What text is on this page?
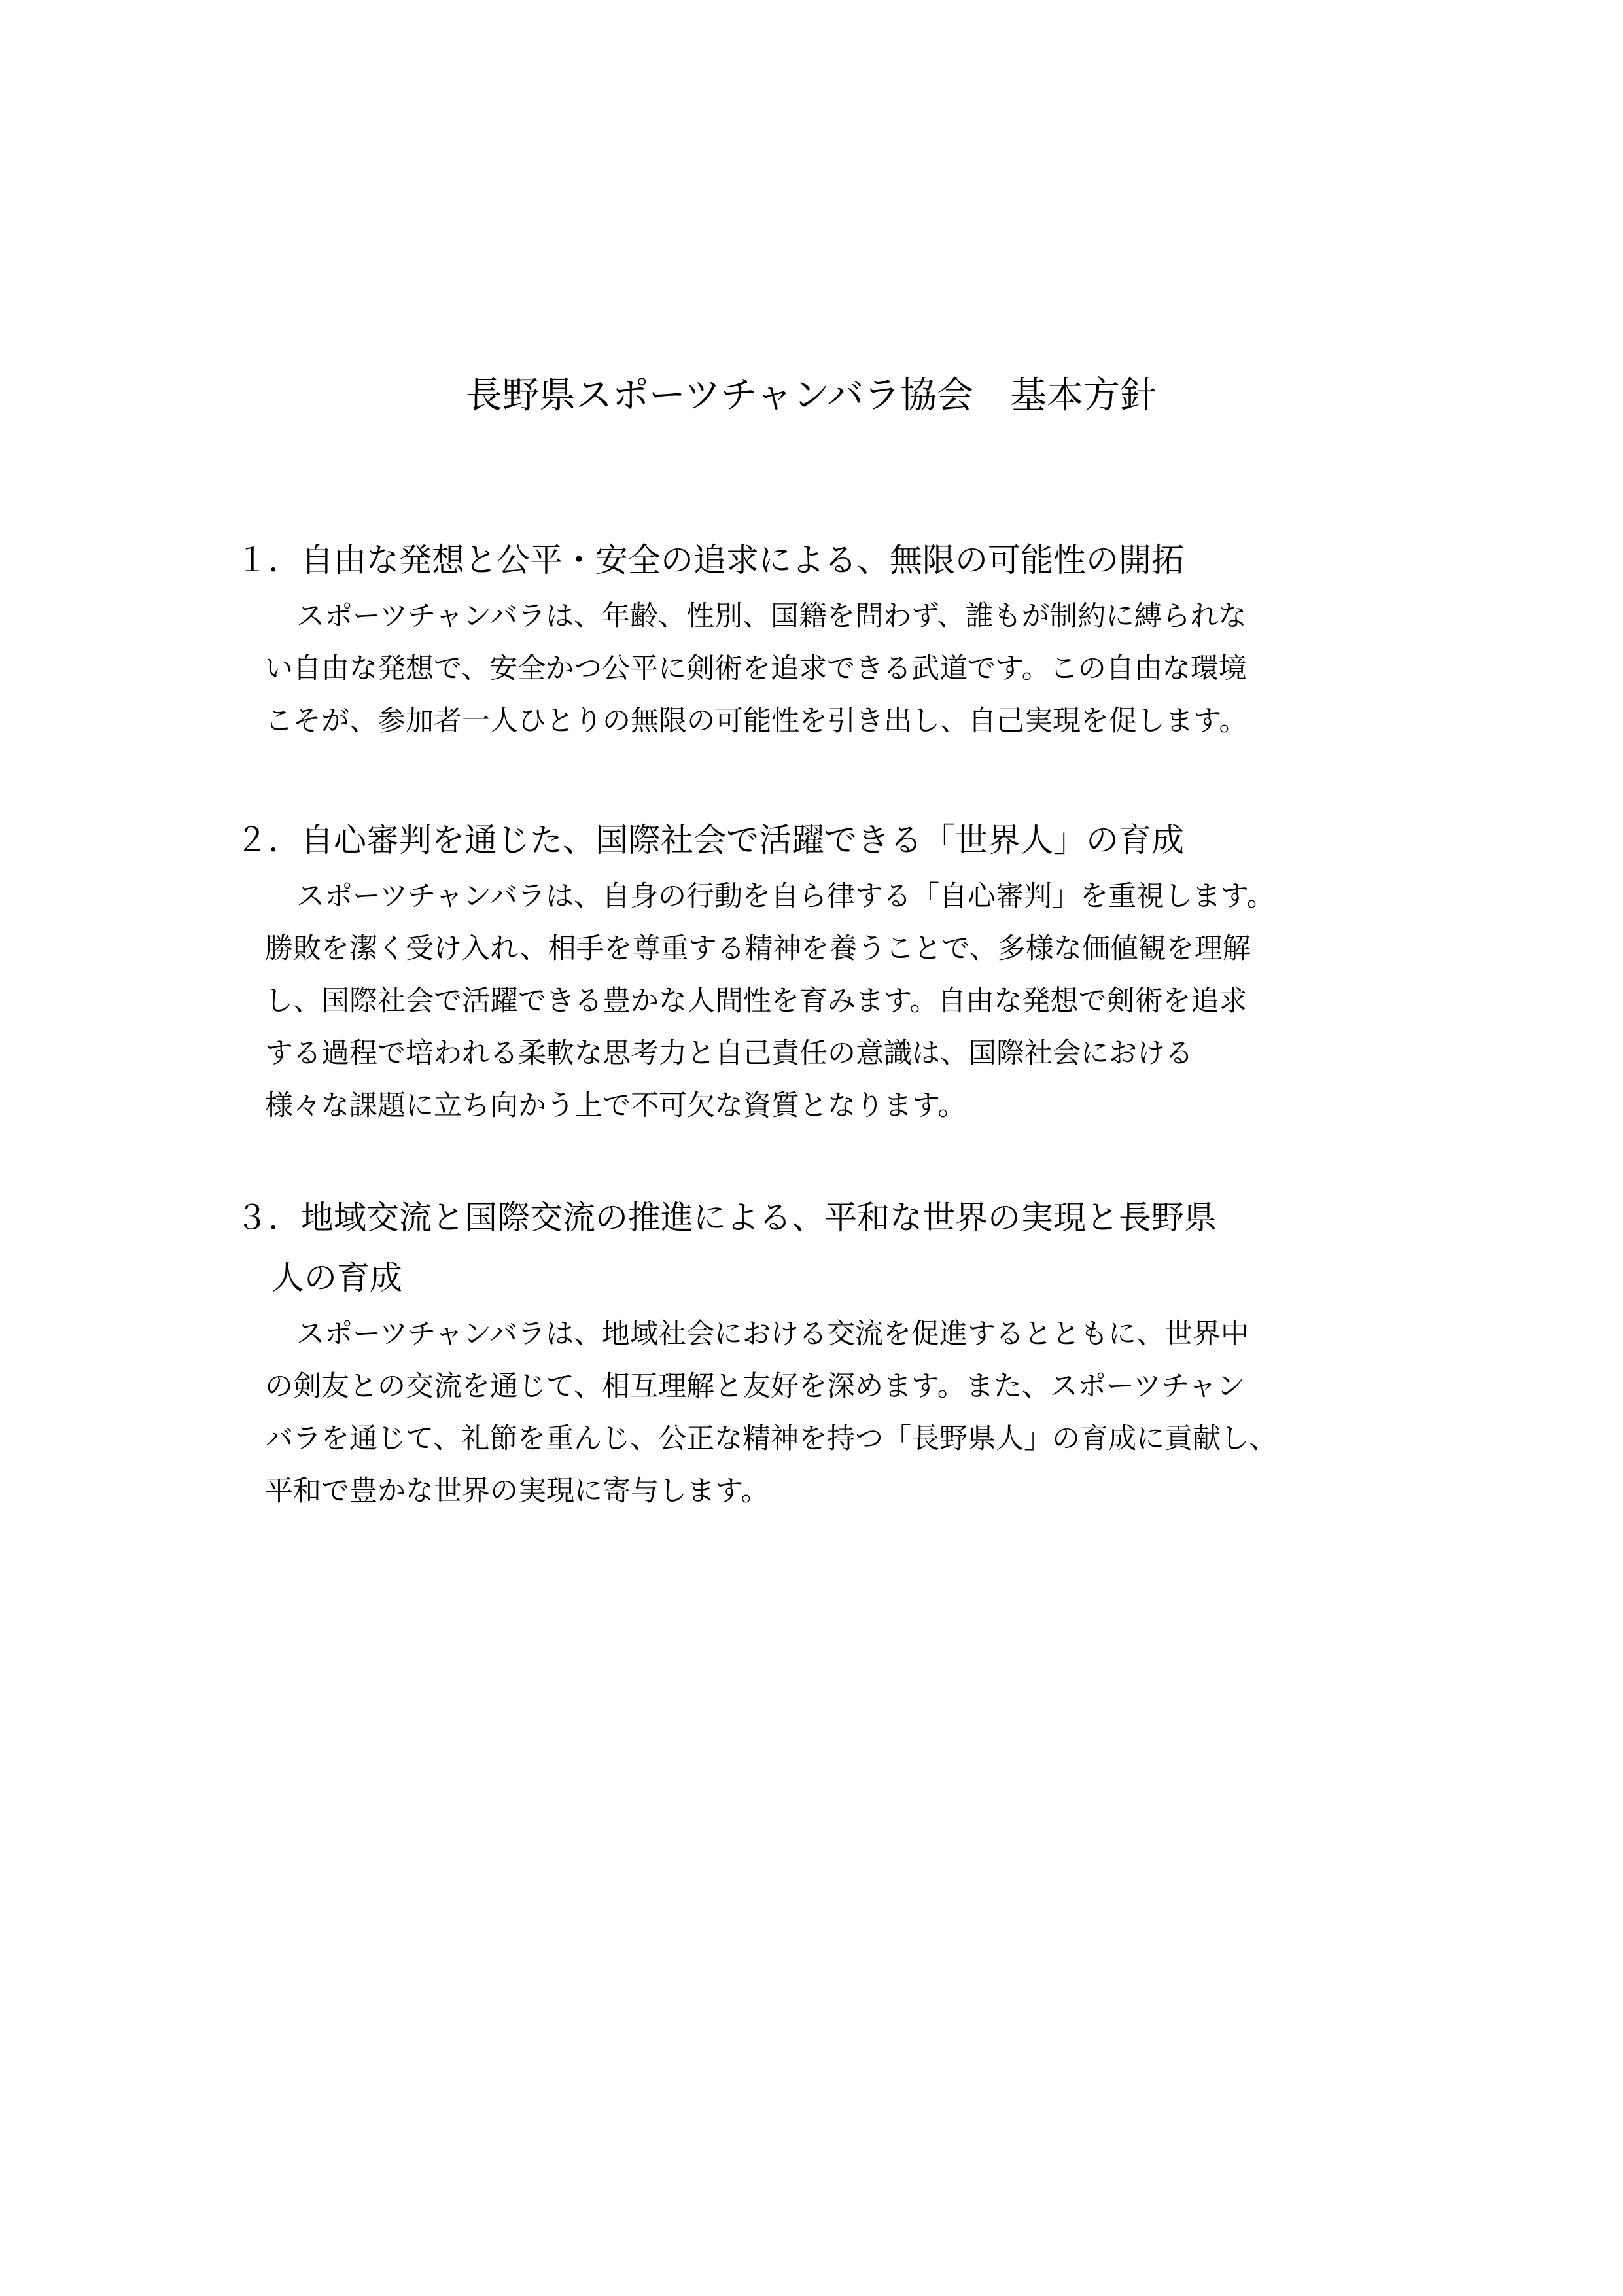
長野県スポーツチャンバラ協会　基本方針
１．自由な発想と公平・安全の追求による、無限の可能性の開拓

スポーツチャンバラは、年齢、性別、国籍を問わず、誰もが制約に縛られな
い自由な発想で、安全かつ公平に剣術を追求できる武道です。この自由な環境
こそが、参加者一人ひとりの無限の可能性を引き出し、自己実現を促します。

２．自心審判を通じた、国際社会で活躍できる「世界人」の育成

スポーツチャンバラは、自身の行動を自ら律する「自心審判」を重視します。
勝敗を潔く受け入れ、相手を尊重する精神を養うことで、多様な価値観を理解
し、国際社会で活躍できる豊かな人間性を育みます。自由な発想で剣術を追求
する過程で培われる柔軟な思考力と自己責任の意識は、国際社会における
様々な課題に立ち向かう上で不可欠な資質となります。

３．地域交流と国際交流の推進による、平和な世界の実現と長野県
人の育成

スポーツチャンバラは、地域社会における交流を促進するとともに、世界中
の剣友との交流を通じて、相互理解と友好を深めます。また、スポーツチャン
バラを通じて、礼節を重んじ、公正な精神を持つ「長野県人」の育成に貢献し、
平和で豊かな世界の実現に寄与します。
